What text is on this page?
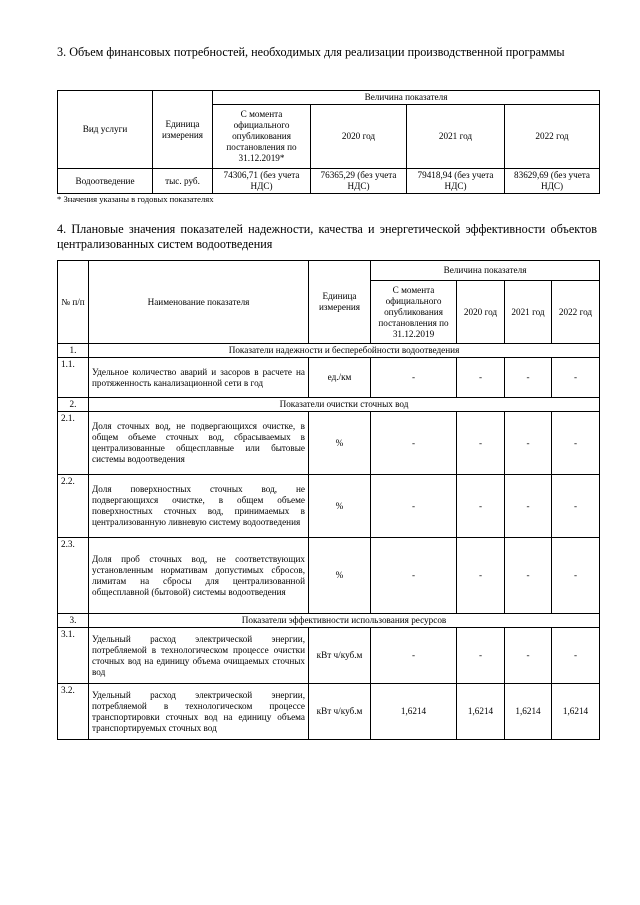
3. Объем финансовых потребностей, необходимых для реализации производственной программы
Вид услуги	Единица измерения	Величина показателя			
		С момента официального опубликования постановления по 31.12.2019*	2020 год	2021 год	2022 год
Водоотведение	тыс. руб.	74306,71 (без учета НДС)	76365,29 (без учета НДС)	79418,94 (без учета НДС)	83629,69 (без учета НДС)
* Значения указаны в годовых показателях
4. Плановые значения показателей надежности, качества и энергетической эффективности объектов централизованных систем водоотведения
№ п/п	Наименование показателя	Единица измерения	Величина показателя			
			С момента официального опубликования постановления по 31.12.2019	2020 год	2021 год	2022 год
1.	Показатели надежности и бесперебойности водоотведения					
1.1.	Удельное количество аварий и засоров в расчете на протяженность канализационной сети в год	ед./км	-	-	-	-
2.	Показатели очистки сточных вод					
2.1.	Доля сточных вод, не подвергающихся очистке, в общем объеме сточных вод, сбрасываемых в централизованные общесплавные или бытовые системы водоотведения	%	-	-	-	-
2.2.	Доля поверхностных сточных вод, не подвергающихся очистке, в общем объеме поверхностных сточных вод, принимаемых в централизованную ливневую систему водоотведения	%	-	-	-	-
2.3.	Доля проб сточных вод, не соответствующих установленным нормативам допустимых сбросов, лимитам на сбросы для централизованной общесплавной (бытовой) системы водоотведения	%	-	-	-	-
3.	Показатели эффективности использования ресурсов					
3.1.	Удельный расход электрической энергии, потребляемой в технологическом процессе очистки сточных вод на единицу объема очищаемых сточных вод	кВт ч/куб.м	-	-	-	-
3.2.	Удельный расход электрической энергии, потребляемой в технологическом процессе транспортировки сточных вод на единицу объема транспортируемых сточных вод	кВт ч/куб.м	1,6214	1,6214	1,6214	1,6214
